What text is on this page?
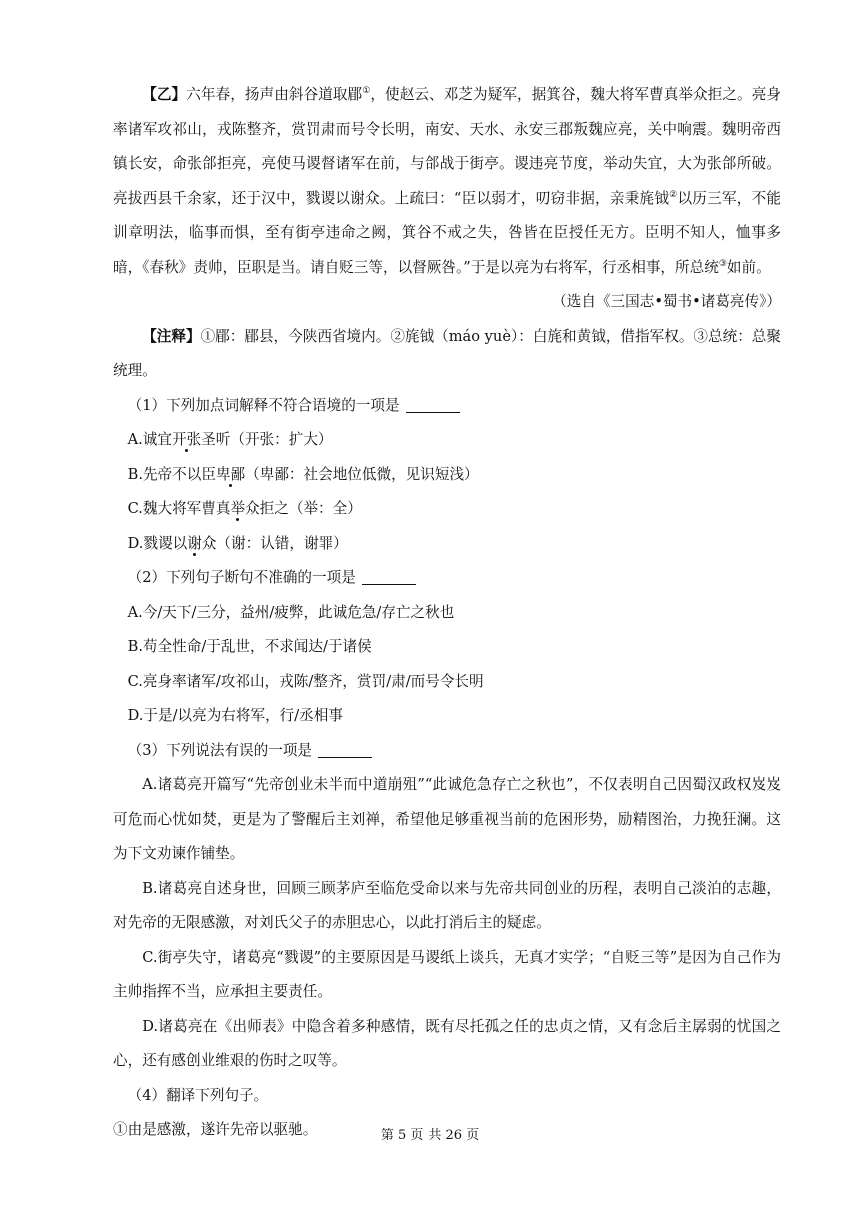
【乙】六年春，扬声由斜谷道取郿①，使赵云、邓芝为疑军，据箕谷，魏大将军曹真举众拒之。亮身率诸军攻祁山，戎陈整齐，赏罚肃而号令长明，南安、天水、永安三郡叛魏应亮，关中响震。魏明帝西镇长安，命张郃拒亮，亮使马谡督诸军在前，与郃战于街亭。谡违亮节度，举动失宜，大为张郃所破。亮拔西县千余家，还于汉中，戮谡以谢众。上疏曰：“臣以弱才，叨窃非据，亲秉旄钺②以历三军，不能训章明法，临事而惧，至有街亭违命之阙，箕谷不戒之失，咎皆在臣授任无方。臣明不知人，恤事多暗，《春秋》责帅，臣职是当。请自贬三等，以督厥咎。”于是以亮为右将军，行丞相事，所总统③如前。

（选自《三国志•蜀书•诸葛亮传》）

【注释】①郿：郿县，今陕西省境内。②旄钺（máo yuè）：白旄和黄钺，借指军权。③总统：总聚统理。

（1）下列加点词解释不符合语境的一项是

A.诚宜开张圣听（开张：扩大）

B.先帝不以臣卑鄙（卑鄙：社会地位低微，见识短浅）

C.魏大将军曹真举众拒之（举：全）

D.戮谡以谢众（谢：认错，谢罪）

（2）下列句子断句不准确的一项是

A.今/天下/三分，益州/疲弊，此诚危急/存亡之秋也

B.苟全性命/于乱世，不求闻达/于诸侯

C.亮身率诸军/攻祁山，戎陈/整齐，赏罚/肃/而号令长明

D.于是/以亮为右将军，行/丞相事

（3）下列说法有误的一项是

A.诸葛亮开篇写“先帝创业未半而中道崩殂”“此诚危急存亡之秋也”，不仅表明自己因蜀汉政权岌岌可危而心忧如焚，更是为了警醒后主刘禅，希望他足够重视当前的危困形势，励精图治，力挽狂澜。这为下文劝谏作铺垫。

B.诸葛亮自述身世，回顾三顾茅庐至临危受命以来与先帝共同创业的历程，表明自己淡泊的志趣，对先帝的无限感激，对刘氏父子的赤胆忠心，以此打消后主的疑虑。

C.街亭失守，诸葛亮“戮谡”的主要原因是马谡纸上谈兵，无真才实学；“自贬三等”是因为自己作为主帅指挥不当，应承担主要责任。

D.诸葛亮在《出师表》中隐含着多种感情，既有尽托孤之任的忠贞之情，又有念后主孱弱的忧国之心，还有感创业维艰的伤时之叹等。

（4）翻译下列句子。

①由是感激，遂许先帝以驱驰。	第 5 页 共 26 页
